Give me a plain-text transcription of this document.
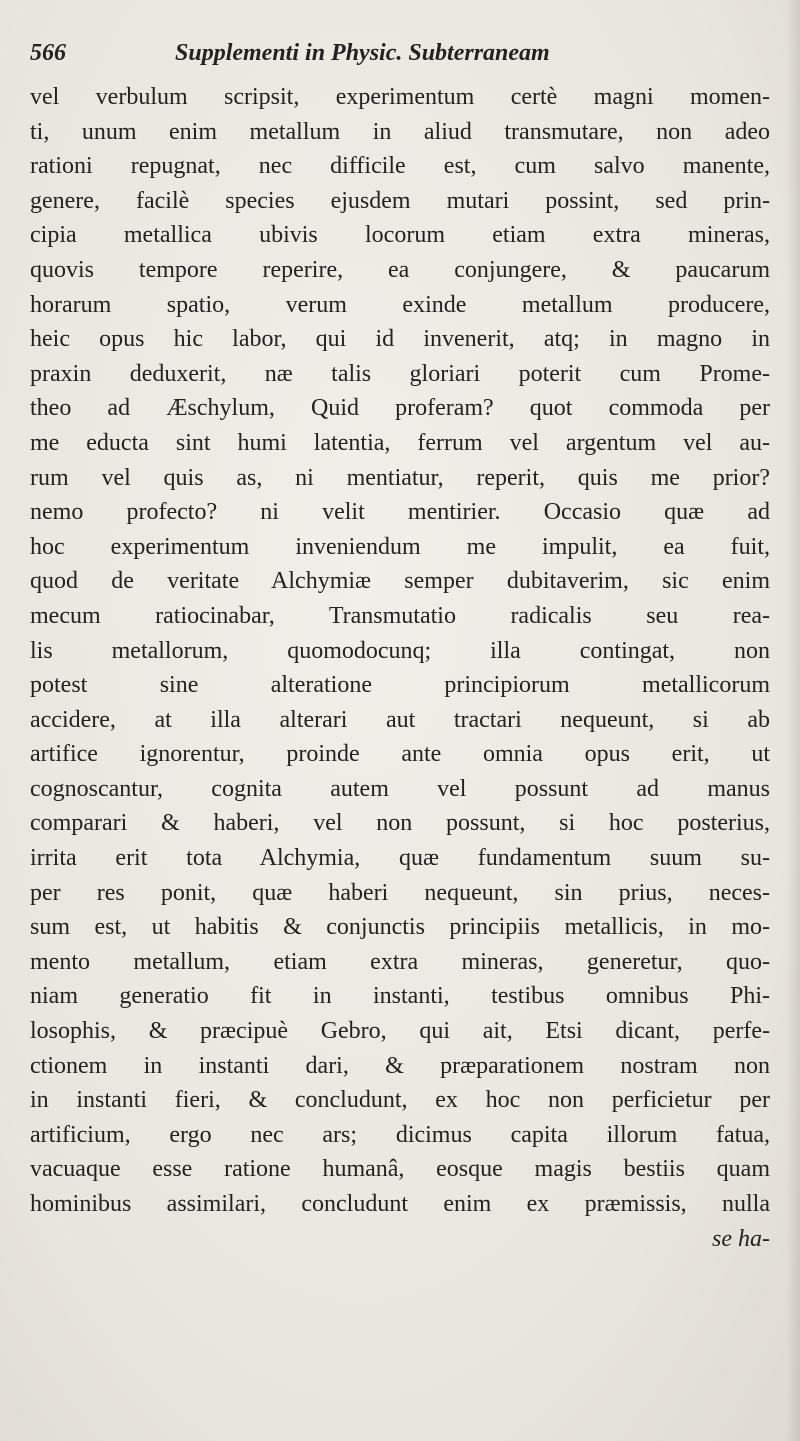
566	Supplementi in Physic. Subterraneam
vel verbulum scripsit, experimentum certè magni momen-
ti, unum enim metallum in aliud transmutare, non adeo
rationi repugnat, nec difficile est, cum salvo manente,
genere, facilè species ejusdem mutari possint, sed prin-
cipia metallica ubivis locorum etiam extra mineras,
quovis tempore reperire, ea conjungere, & paucarum
horarum spatio, verum exinde metallum producere,
heic opus hic labor, qui id invenerit, atq; in magno in
praxin deduxerit, næ talis gloriari poterit cum Prome-
theo ad Æschylum, Quid proferam? quot commoda per
me educta sint humi latentia, ferrum vel argentum vel au-
rum vel quis as, ni mentiatur, reperit, quis me prior?
nemo profecto? ni velit mentirier. Occasio quæ ad
hoc experimentum inveniendum me impulit, ea fuit,
quod de veritate Alchymiæ semper dubitaverim, sic enim
mecum ratiocinabar, Transmutatio radicalis seu rea-
lis metallorum, quomodocunq; illa contingat, non
potest sine alteratione principiorum metallicorum
accidere, at illa alterari aut tractari nequeunt, si ab
artifice ignorentur, proinde ante omnia opus erit, ut
cognoscantur, cognita autem vel possunt ad manus
comparari & haberi, vel non possunt, si hoc posterius,
irrita erit tota Alchymia, quæ fundamentum suum su-
per res ponit, quæ haberi nequeunt, sin prius, neces-
sum est, ut habitis & conjunctis principiis metallicis, in mo-
mento metallum, etiam extra mineras, generetur, quo-
niam generatio fit in instanti, testibus omnibus Phi-
losophis, & præcipuè Gebro, qui ait, Etsi dicant, perfe-
ctionem in instanti dari, & præparationem nostram non
in instanti fieri, & concludunt, ex hoc non perficietur per
artificium, ergo nec ars; dicimus capita illorum fatua,
vacuaque esse ratione humanâ, eosque magis bestiis quam
hominibus assimilari, concludunt enim ex præmissis, nulla
se ha-
